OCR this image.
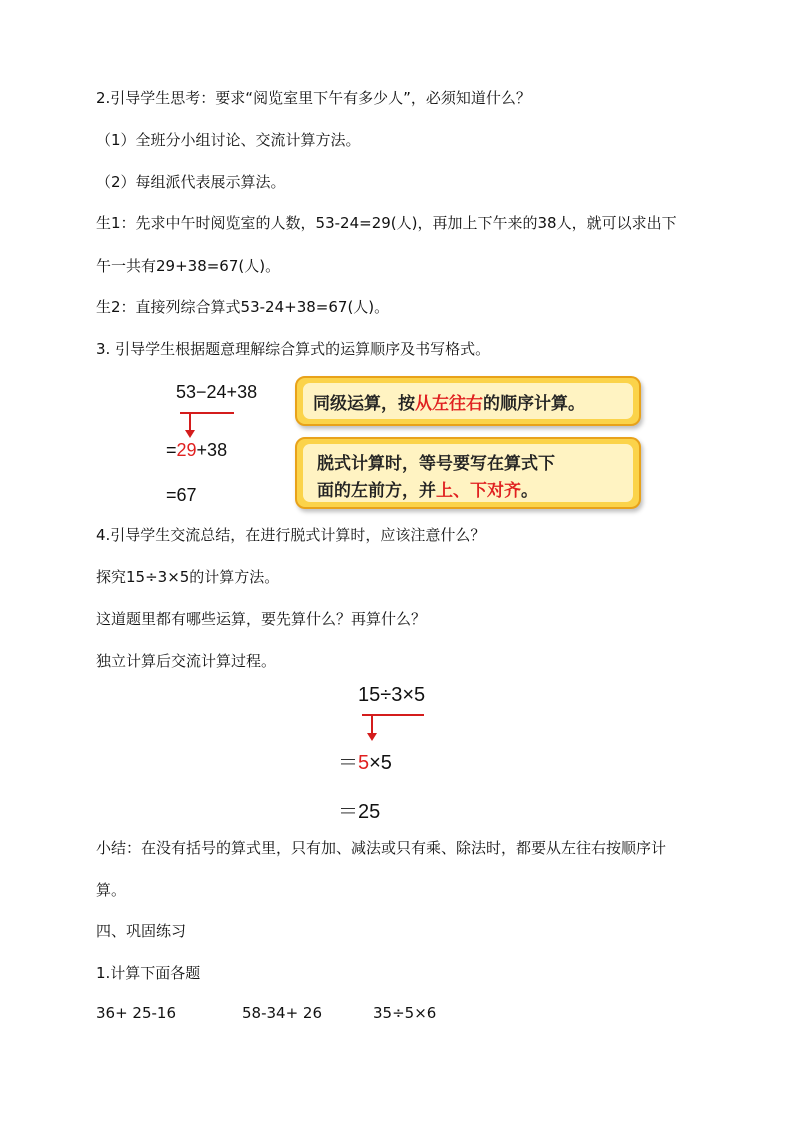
2.引导学生思考：要求“阅览室里下午有多少人”，必须知道什么？
（1）全班分小组讨论、交流计算方法。
（2）每组派代表展示算法。
生1：先求中午时阅览室的人数，53-24=29(人)，再加上下午来的38人，就可以求出下
午一共有29+38=67(人)。
生2：直接列综合算式53-24+38=67(人)。
3. 引导学生根据题意理解综合算式的运算顺序及书写格式。
53−24+38
=29+38
=67
同级运算，按从左往右的顺序计算。
脱式计算时，等号要写在算式下
面的左前方，并上、下对齐。
4.引导学生交流总结，在进行脱式计算时，应该注意什么？
探究15÷3×5的计算方法。
这道题里都有哪些运算，要先算什么？再算什么？
独立计算后交流计算过程。
15÷3×5
＝5×5
＝25
小结：在没有括号的算式里，只有加、减法或只有乘、除法时，都要从左往右按顺序计
算。
四、巩固练习
1.计算下面各题
36+ 25-16	58-34+ 26	35÷5×6
